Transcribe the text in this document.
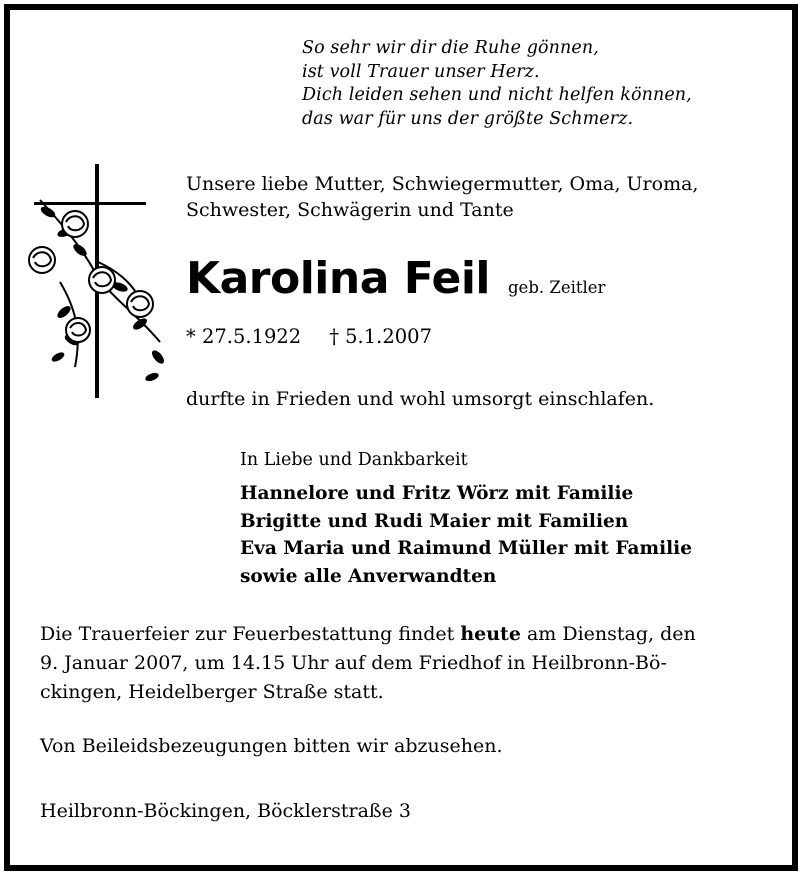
So sehr wir dir die Ruhe gönnen,
ist voll Trauer unser Herz.
Dich leiden sehen und nicht helfen können,
das war für uns der größte Schmerz.
Unsere liebe Mutter, Schwiegermutter, Oma, Uroma,
Schwester, Schwägerin und Tante
Karolina Feil geb. Zeitler
* 27.5.1922 † 5.1.2007
durfte in Frieden und wohl umsorgt einschlafen.
In Liebe und Dankbarkeit
Hannelore und Fritz Wörz mit Familie
Brigitte und Rudi Maier mit Familien
Eva Maria und Raimund Müller mit Familie
sowie alle Anverwandten
Die Trauerfeier zur Feuerbestattung findet heute am Dienstag, den
9. Januar 2007, um 14.15 Uhr auf dem Friedhof in Heilbronn-Bö-
ckingen, Heidelberger Straße statt.
Von Beileidsbezeugungen bitten wir abzusehen.
Heilbronn-Böckingen, Böcklerstraße 3
